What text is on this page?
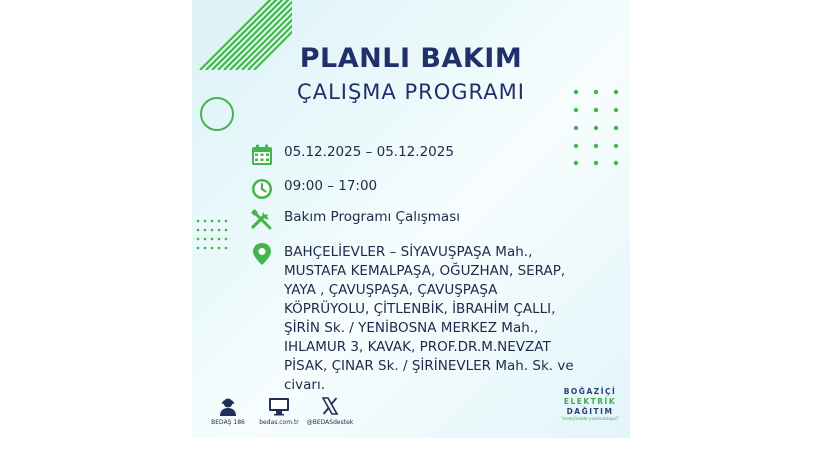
PLANLI BAKIM
ÇALIŞMA PROGRAMI
05.12.2025 – 05.12.2025
09:00 – 17:00
Bakım Programı Çalışması
BAHÇELİEVLER – SİYAVUŞPAŞA Mah., MUSTAFA KEMALPAŞA, OĞUZHAN, SERAP, YAYA , ÇAVUŞPAŞA, ÇAVUŞPAŞA KÖPRÜYOLU, ÇİTLENBİK, İBRAHİM ÇALLI, ŞİRİN Sk. / YENİBOSNA MERKEZ Mah., IHLAMUR 3, KAVAK, PROF.DR.M.NEVZAT PİSAK, ÇINAR Sk. / ŞİRİNEVLER Mah. Sk. ve civarı.
BEDAŞ 186	bedas.com.tr	@BEDASdestek
BOĞAZİÇİ
ELEKTRİK
DAĞITIM
"enerjimizle yanınızdayız"
